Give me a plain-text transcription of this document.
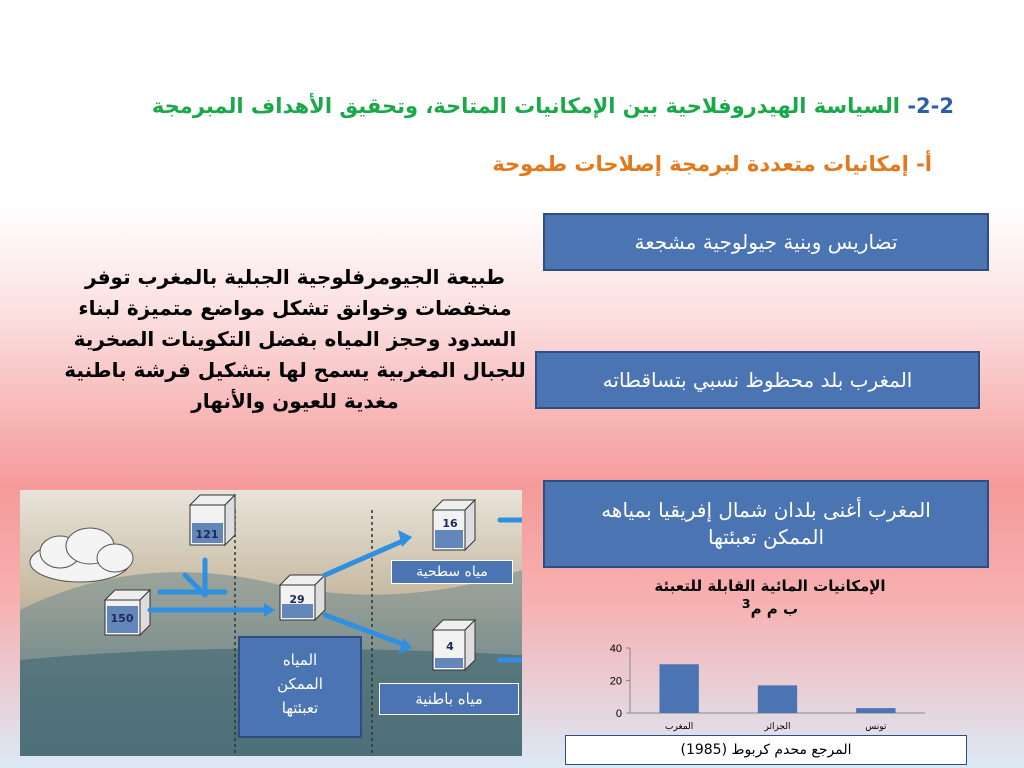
2-2- السياسة الهيدروفلاحية بين الإمكانيات المتاحة، وتحقيق الأهداف المبرمجة
أ- إمكانيات متعددة لبرمجة إصلاحات طموحة
تضاريس وبنية جيولوجية مشجعة
المغرب بلد محظوظ نسبي بتساقطاته
المغرب أغنى بلدان شمال إفريقيا بمياهه الممكن تعبئتها
طبيعة الجيومرفلوجية الجبلية بالمغرب توفر منخفضات وخوانق تشكل مواضع متميزة لبناء السدود وحجز المياه بفضل التكوينات الصخرية للجبال المغربية يسمح لها بتشكيل فرشة باطنية مغدية للعيون والأنهار
150
121
29
16
4
مياه سطحية
مياه باطنية
المياه الممكن تعبئتها
الإمكانيات المائية القابلة للتعبئة
ب م م$^3$
0
20
40
المغرب	الجزائر	تونس
المرجع محدم كربوط (1985)
